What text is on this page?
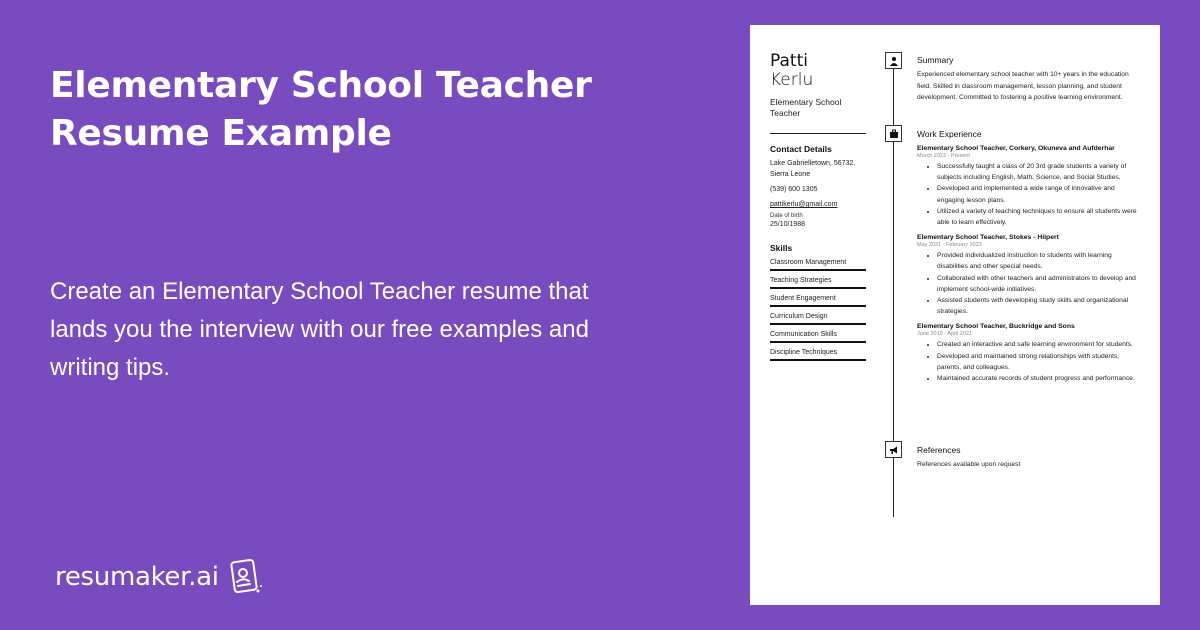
Elementary School Teacher
Resume Example
Create an Elementary School Teacher resume that lands you the interview with our free examples and writing tips.
resumaker.ai
Patti
Kerlu
Elementary School Teacher
Contact Details
Lake Gabrielletown, 56732, Sierra Leone
(539) 600 1305
pattikerlu@gmail.com
Date of birth
25/10/1988
Skills
Classroom Management
Teaching Strategies
Student Engagement
Curriculum Design
Communication Skills
Discipline Techniques
Summary
Experienced elementary school teacher with 10+ years in the education field. Skilled in classroom management, lesson planning, and student development. Committed to fostering a positive learning environment.
Work Experience
Elementary School Teacher, Corkery, Okuneva and Aufderhar
March 2023 - Present
• Successfully taught a class of 20 3rd grade students a variety of subjects including English, Math, Science, and Social Studies.
• Developed and implemented a wide range of innovative and engaging lesson plans.
• Utilized a variety of teaching techniques to ensure all students were able to learn effectively.
Elementary School Teacher, Stokes - Hilpert
May 2021 - February 2023
• Provided individualized instruction to students with learning disabilities and other special needs.
• Collaborated with other teachers and administrators to develop and implement school-wide initiatives.
• Assisted students with developing study skills and organizational strategies.
Elementary School Teacher, Buckridge and Sons
June 2019 - April 2021
• Created an interactive and safe learning environment for students.
• Developed and maintained strong relationships with students, parents, and colleagues.
• Maintained accurate records of student progress and performance.
References
References available upon request
